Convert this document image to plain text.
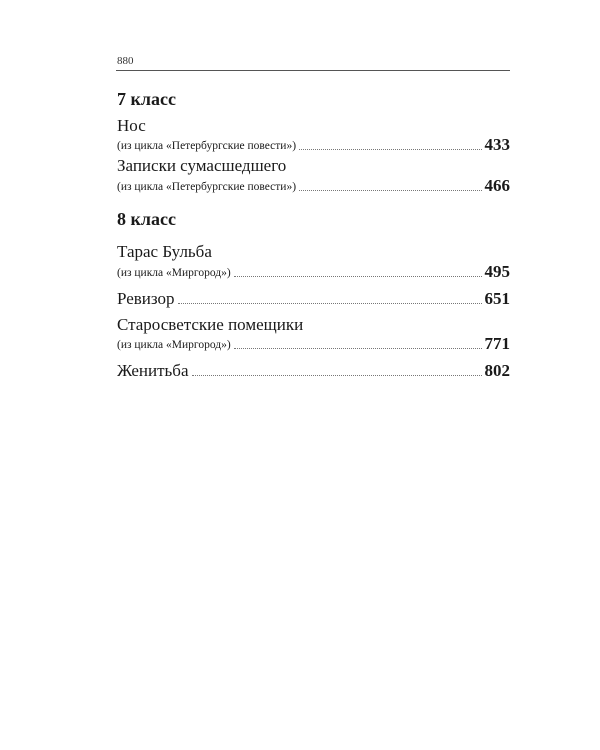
880
7 класс
Нос
(из цикла «Петербургские повести»)	433
Записки сумасшедшего
(из цикла «Петербургские повести»)	466
8 класс
Тарас Бульба
(из цикла «Миргород»)	495
Ревизор	651
Старосветские помещики
(из цикла «Миргород»)	771
Женитьба	802
